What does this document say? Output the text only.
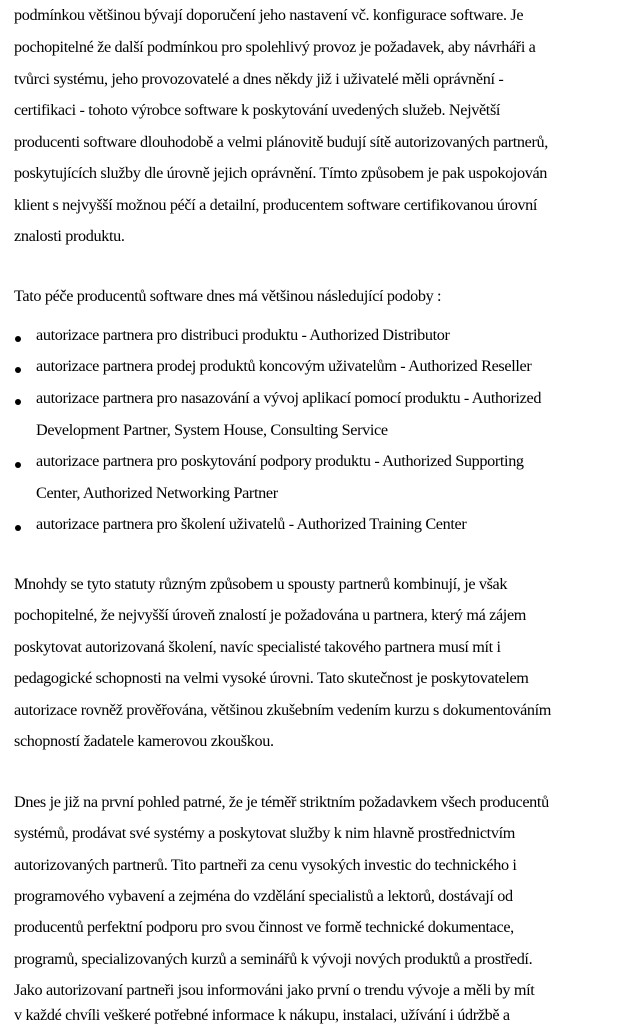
podmínkou většinou bývají doporučení jeho nastavení vč. konfigurace software. Je
pochopitelné že další podmínkou pro spolehlivý provoz je požadavek, aby návrháři a
tvůrci systému, jeho provozovatelé a dnes někdy již i uživatelé měli oprávnění -
certifikaci - tohoto výrobce software k poskytování uvedených služeb. Největší
producenti software dlouhodobě a velmi plánovitě budují sítě autorizovaných partnerů,
poskytujících služby dle úrovně jejich oprávnění. Tímto způsobem je pak uspokojován
klient s nejvyšší možnou péčí a detailní, producentem software certifikovanou úrovní
znalosti produktu.
Tato péče producentů software dnes má většinou následující podoby :
autorizace partnera pro distribuci produktu - Authorized Distributor
autorizace partnera prodej produktů koncovým uživatelům - Authorized Reseller
autorizace partnera pro nasazování a vývoj aplikací pomocí produktu - Authorized
Development Partner, System House, Consulting Service
autorizace partnera pro poskytování podpory produktu - Authorized Supporting
Center, Authorized Networking Partner
autorizace partnera pro školení uživatelů - Authorized Training Center
Mnohdy se tyto statuty různým způsobem u spousty partnerů kombinují, je však
pochopitelné, že nejvyšší úroveň znalostí je požadována u partnera, který má zájem
poskytovat autorizovaná školení, navíc specialisté takového partnera musí mít i
pedagogické schopnosti na velmi vysoké úrovni. Tato skutečnost je poskytovatelem
autorizace rovněž prověřována, většinou zkušebním vedením kurzu s dokumentováním
schopností žadatele kamerovou zkouškou.
Dnes je již na první pohled patrné, že je téměř striktním požadavkem všech producentů
systémů, prodávat své systémy a poskytovat služby k nim hlavně prostřednictvím
autorizovaných partnerů. Tito partneři za cenu vysokých investic do technického i
programového vybavení a zejména do vzdělání specialistů a lektorů, dostávají od
producentů perfektní podporu pro svou činnost ve formě technické dokumentace,
programů, specializovaných kurzů a seminářů k vývoji nových produktů a prostředí.
Jako autorizovaní partneři jsou informováni jako první o trendu vývoje a měli by mít
v každé chvíli veškeré potřebné informace k nákupu, instalaci, užívání i údržbě a
